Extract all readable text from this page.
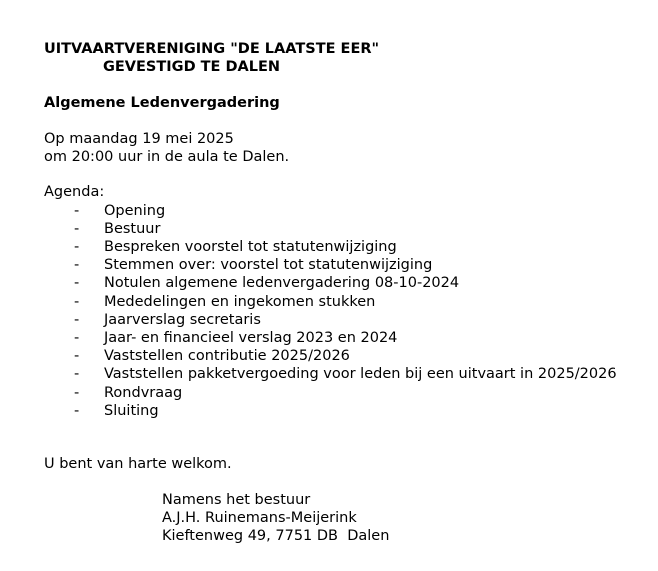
UITVAARTVERENIGING "DE LAATSTE EER"
GEVESTIGD TE DALEN
Algemene Ledenvergadering
Op maandag 19 mei 2025
om 20:00 uur in de aula te Dalen.
Agenda:
-	Opening
-	Bestuur
-	Bespreken voorstel tot statutenwijziging
-	Stemmen over: voorstel tot statutenwijziging
-	Notulen algemene ledenvergadering 08-10-2024
-	Mededelingen en ingekomen stukken
-	Jaarverslag secretaris
-	Jaar- en financieel verslag 2023 en 2024
-	Vaststellen contributie 2025/2026
-	Vaststellen pakketvergoeding voor leden bij een uitvaart in 2025/2026
-	Rondvraag
-	Sluiting
U bent van harte welkom.
Namens het bestuur
A.J.H. Ruinemans-Meijerink
Kieftenweg 49, 7751 DB  Dalen
